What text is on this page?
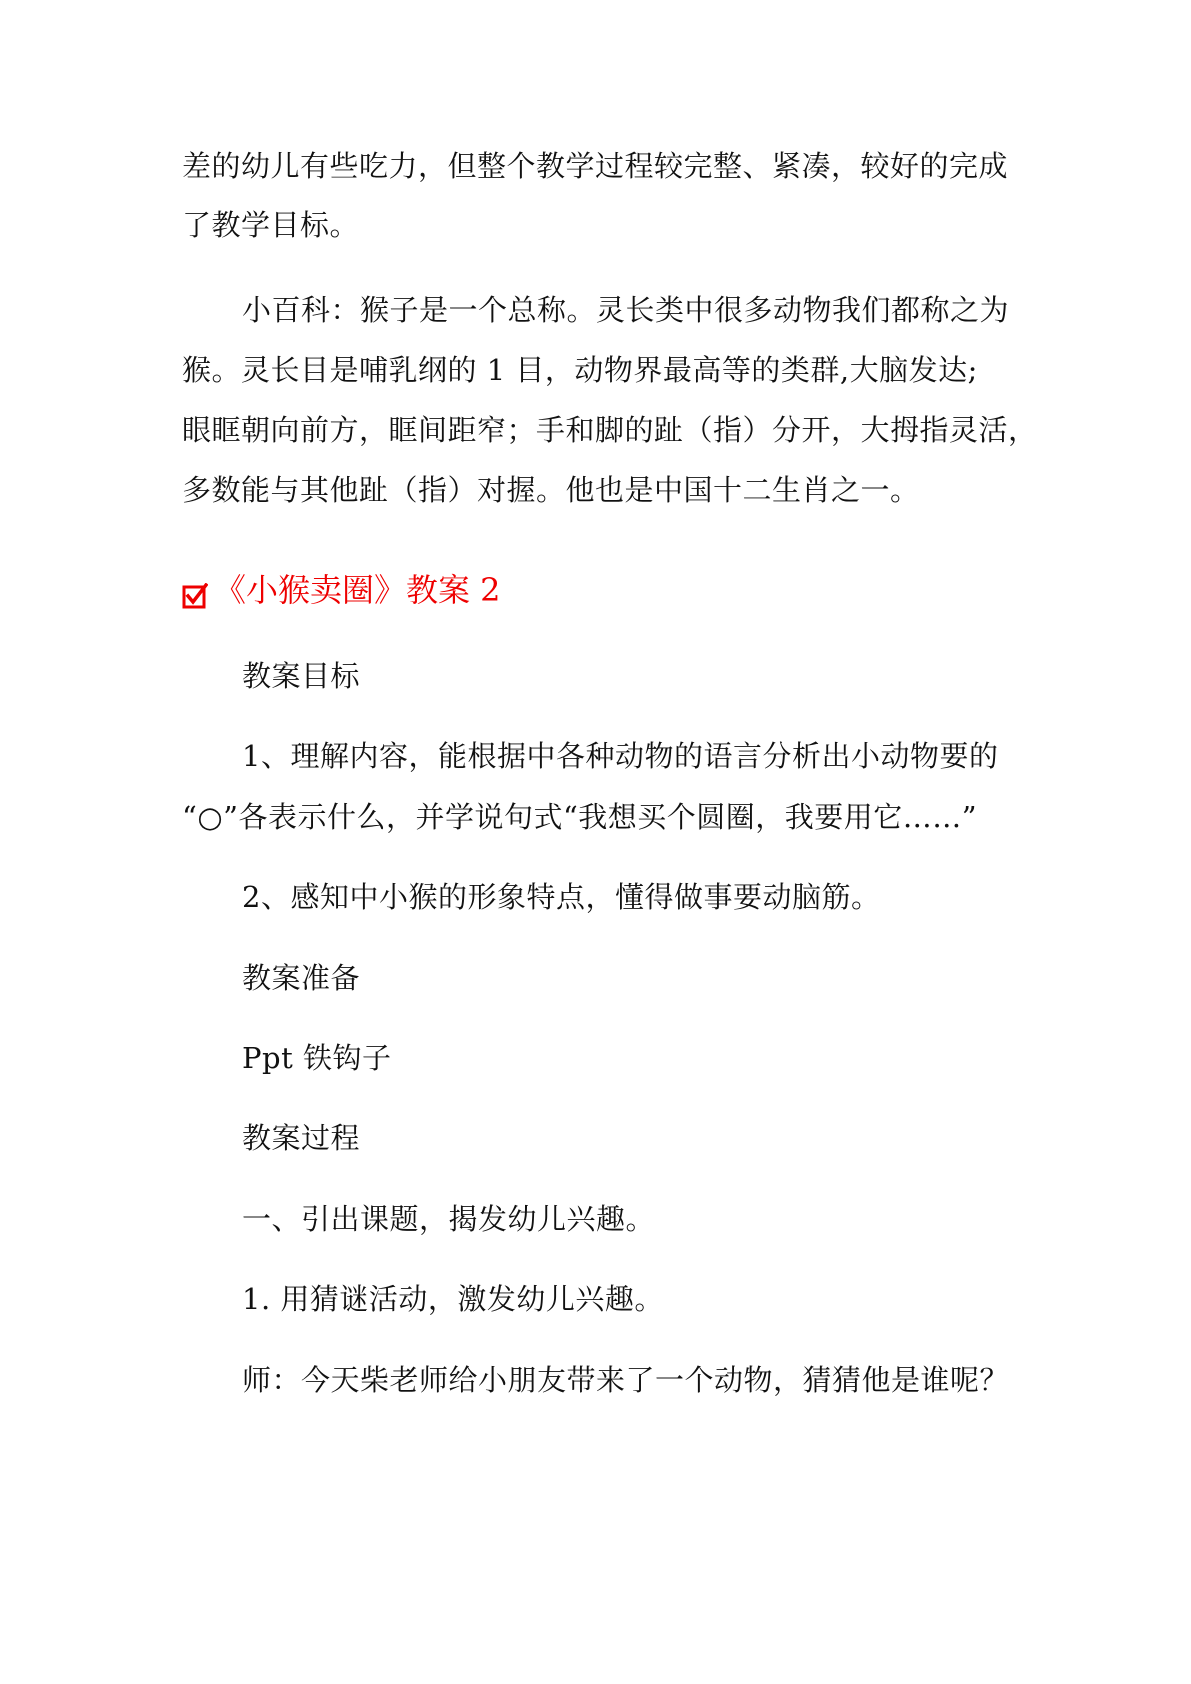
差的幼儿有些吃力，但整个教学过程较完整、紧凑，较好的完成
了教学目标。
小百科：猴子是一个总称。灵长类中很多动物我们都称之为
猴。灵长目是哺乳纲的 1 目，动物界最高等的类群,大脑发达;
眼眶朝向前方，眶间距窄；手和脚的趾（指）分开，大拇指灵活，
多数能与其他趾（指）对握。他也是中国十二生肖之一。
《小猴卖圈》教案 2
教案目标
1、理解内容，能根据中各种动物的语言分析出小动物要的
“○”各表示什么，并学说句式“我想买个圆圈，我要用它……”
2、感知中小猴的形象特点，懂得做事要动脑筋。
教案准备
Ppt 铁钩子
教案过程
一、引出课题，揭发幼儿兴趣。
1. 用猜谜活动，激发幼儿兴趣。
师：今天柴老师给小朋友带来了一个动物，猜猜他是谁呢？
